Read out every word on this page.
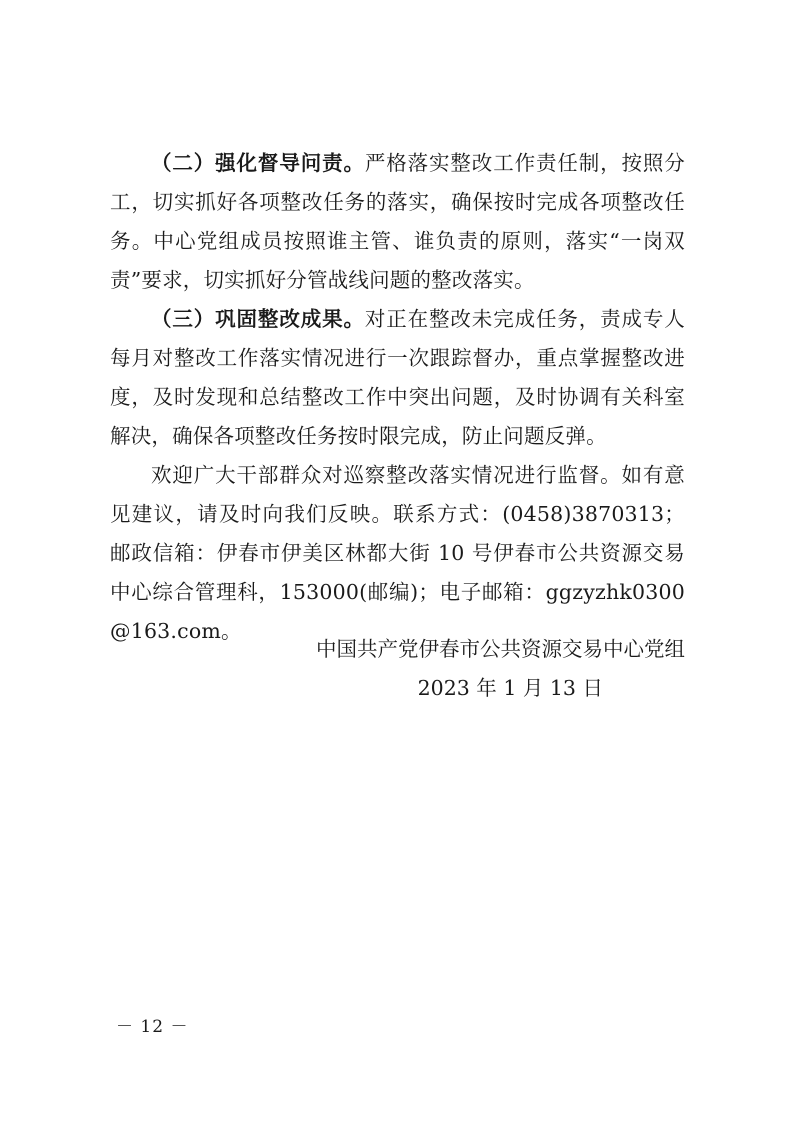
（二）强化督导问责。严格落实整改工作责任制，按照分工，切实抓好各项整改任务的落实，确保按时完成各项整改任务。中心党组成员按照谁主管、谁负责的原则，落实“一岗双责”要求，切实抓好分管战线问题的整改落实。

（三）巩固整改成果。对正在整改未完成任务，责成专人每月对整改工作落实情况进行一次跟踪督办，重点掌握整改进度，及时发现和总结整改工作中突出问题，及时协调有关科室解决，确保各项整改任务按时限完成，防止问题反弹。

欢迎广大干部群众对巡察整改落实情况进行监督。如有意见建议，请及时向我们反映。联系方式：(0458)3870313；邮政信箱：伊春市伊美区林都大街 10 号伊春市公共资源交易中心综合管理科，153000(邮编)；电子邮箱：ggzyzhk0300@163.com。

中国共产党伊春市公共资源交易中心党组
2023 年 1 月 13 日
－ 12 －
